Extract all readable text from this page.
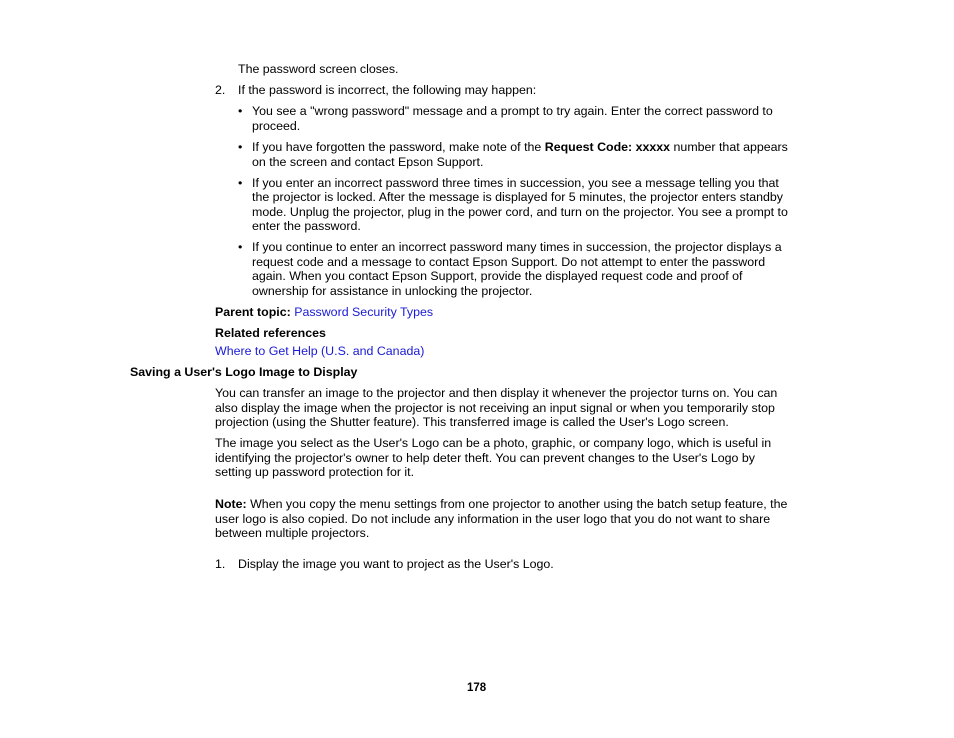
The password screen closes.
2. If the password is incorrect, the following may happen:
• You see a "wrong password" message and a prompt to try again. Enter the correct password to
proceed.
• If you have forgotten the password, make note of the Request Code: xxxxx number that appears
on the screen and contact Epson Support.
• If you enter an incorrect password three times in succession, you see a message telling you that
the projector is locked. After the message is displayed for 5 minutes, the projector enters standby
mode. Unplug the projector, plug in the power cord, and turn on the projector. You see a prompt to
enter the password.
• If you continue to enter an incorrect password many times in succession, the projector displays a
request code and a message to contact Epson Support. Do not attempt to enter the password
again. When you contact Epson Support, provide the displayed request code and proof of
ownership for assistance in unlocking the projector.
Parent topic: Password Security Types
Related references
Where to Get Help (U.S. and Canada)
Saving a User's Logo Image to Display
You can transfer an image to the projector and then display it whenever the projector turns on. You can
also display the image when the projector is not receiving an input signal or when you temporarily stop
projection (using the Shutter feature). This transferred image is called the User's Logo screen.
The image you select as the User's Logo can be a photo, graphic, or company logo, which is useful in
identifying the projector's owner to help deter theft. You can prevent changes to the User's Logo by
setting up password protection for it.
Note: When you copy the menu settings from one projector to another using the batch setup feature, the
user logo is also copied. Do not include any information in the user logo that you do not want to share
between multiple projectors.
1. Display the image you want to project as the User's Logo.
178
